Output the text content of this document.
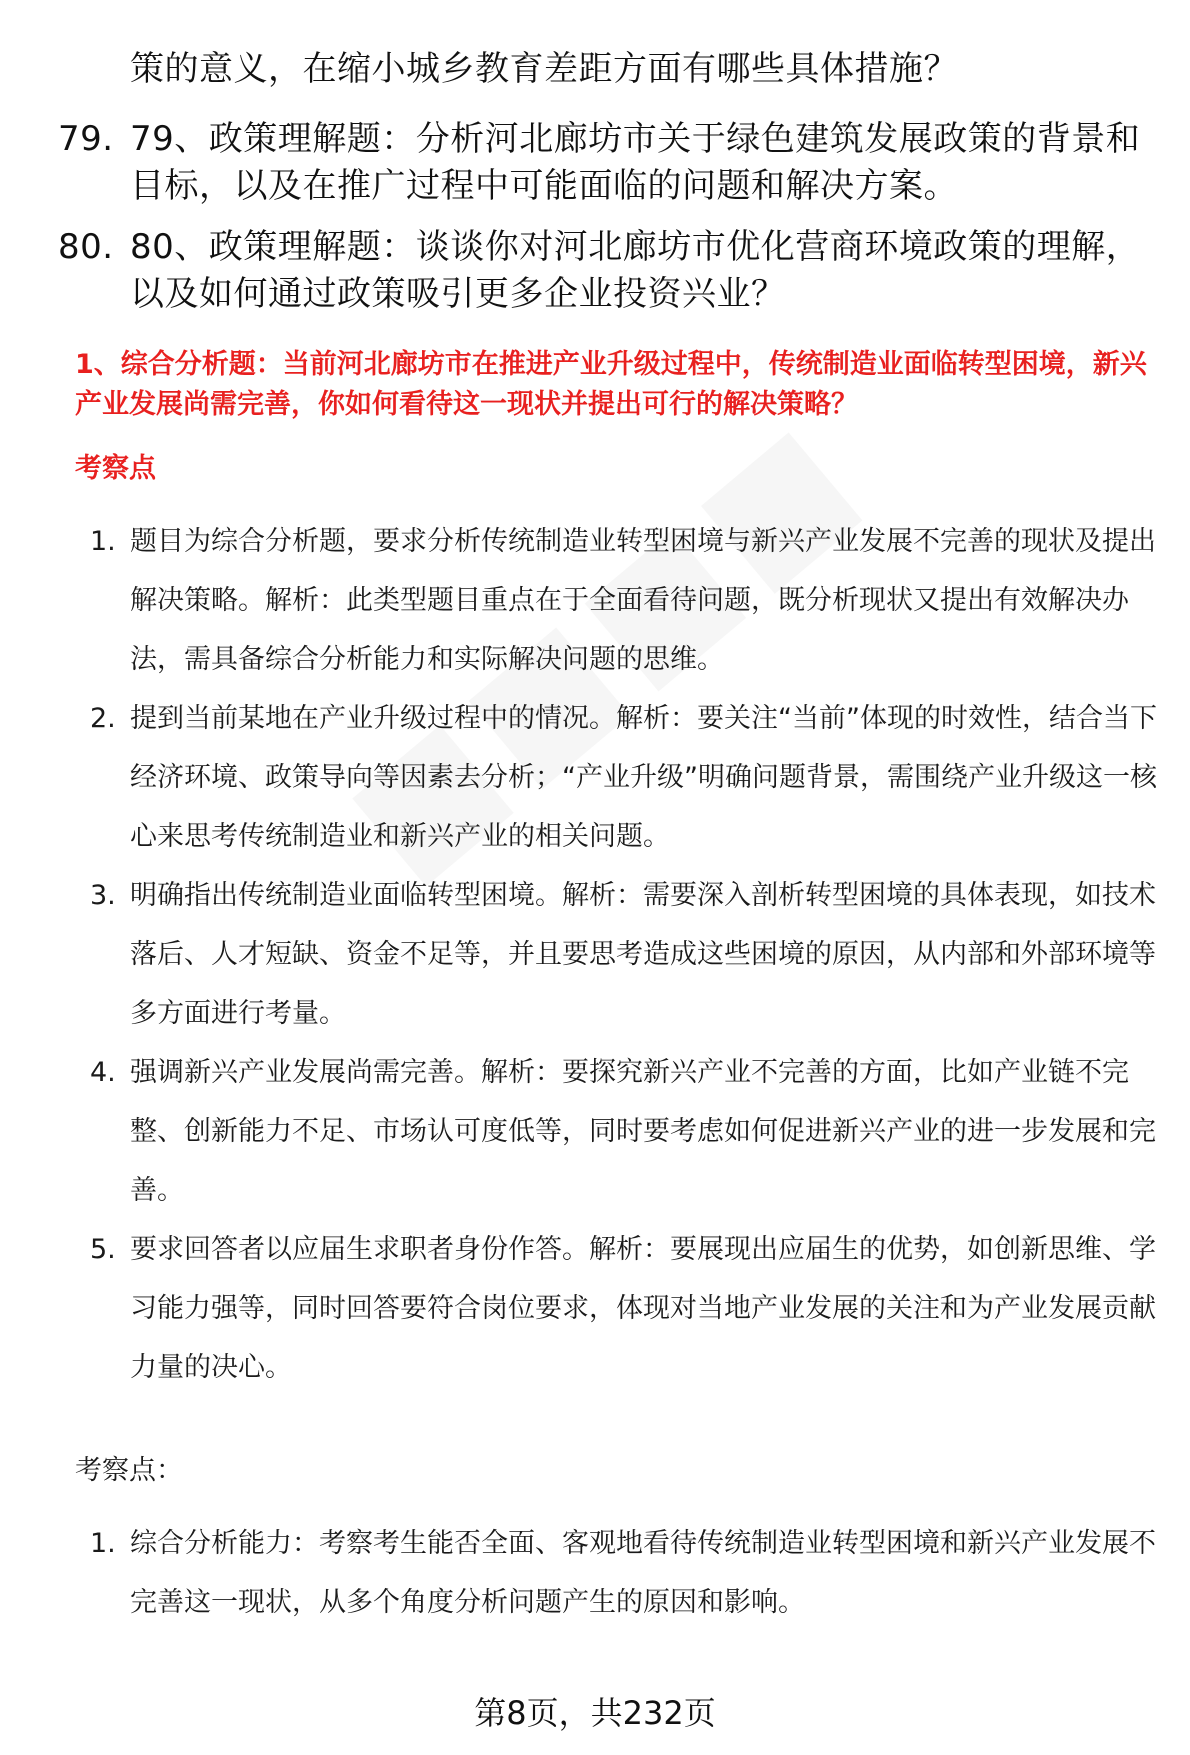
策的意义，在缩小城乡教育差距方面有哪些具体措施？
79. 79、政策理解题：分析河北廊坊市关于绿色建筑发展政策的背景和目标，以及在推广过程中可能面临的问题和解决方案。
80. 80、政策理解题：谈谈你对河北廊坊市优化营商环境政策的理解，以及如何通过政策吸引更多企业投资兴业？
1、综合分析题：当前河北廊坊市在推进产业升级过程中，传统制造业面临转型困境，新兴产业发展尚需完善，你如何看待这一现状并提出可行的解决策略？
考察点
1. 题目为综合分析题，要求分析传统制造业转型困境与新兴产业发展不完善的现状及提出解决策略。解析：此类型题目重点在于全面看待问题，既分析现状又提出有效解决办法，需具备综合分析能力和实际解决问题的思维。
2. 提到当前某地在产业升级过程中的情况。解析：要关注“当前”体现的时效性，结合当下经济环境、政策导向等因素去分析；“产业升级”明确问题背景，需围绕产业升级这一核心来思考传统制造业和新兴产业的相关问题。
3. 明确指出传统制造业面临转型困境。解析：需要深入剖析转型困境的具体表现，如技术落后、人才短缺、资金不足等，并且要思考造成这些困境的原因，从内部和外部环境等多方面进行考量。
4. 强调新兴产业发展尚需完善。解析：要探究新兴产业不完善的方面，比如产业链不完整、创新能力不足、市场认可度低等，同时要考虑如何促进新兴产业的进一步发展和完善。
5. 要求回答者以应届生求职者身份作答。解析：要展现出应届生的优势，如创新思维、学习能力强等，同时回答要符合岗位要求，体现对当地产业发展的关注和为产业发展贡献力量的决心。
考察点：
1. 综合分析能力：考察考生能否全面、客观地看待传统制造业转型困境和新兴产业发展不完善这一现状，从多个角度分析问题产生的原因和影响。
第8页，共232页
